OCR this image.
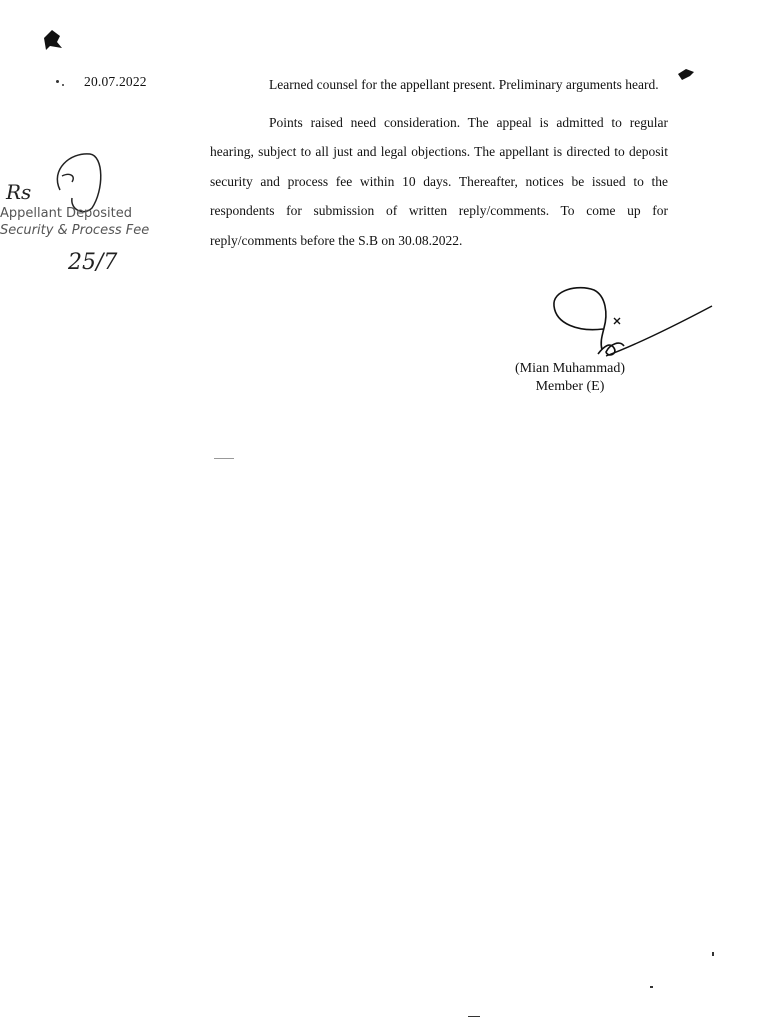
20.07.2022	Learned counsel for the appellant present. Preliminary arguments heard.

Points raised need consideration. The appeal is admitted to regular hearing, subject to all just and legal objections. The appellant is directed to deposit security and process fee within 10 days. Thereafter, notices be issued to the respondents for submission of written reply/comments. To come up for reply/comments before the S.B on 30.08.2022.

(Mian Muhammad)
Member (E)
Rs
Appellant Deposited
Security & Process Fee
25/7
